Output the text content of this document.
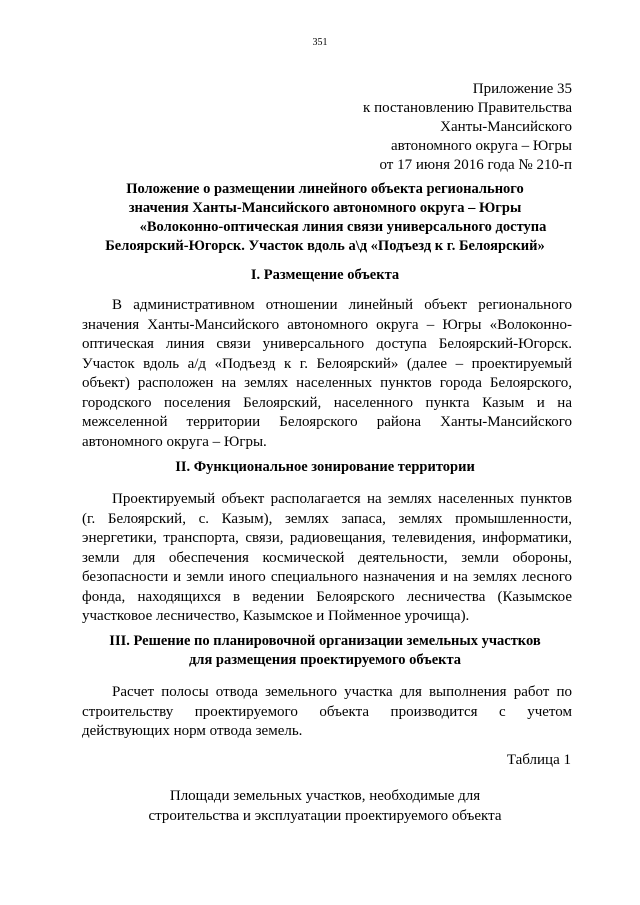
351
Приложение 35
к постановлению Правительства
Ханты-Мансийского
автономного округа – Югры
от 17 июня 2016 года № 210-п
Положение о размещении линейного объекта регионального
значения Ханты-Мансийского автономного округа – Югры
«Волоконно-оптическая линия связи универсального доступа
Белоярский-Югорск. Участок вдоль а\д «Подъезд к г. Белоярский»
I. Размещение объекта

В административном отношении линейный объект регионального значения Ханты-Мансийского автономного округа – Югры «Волоконно-оптическая линия связи универсального доступа Белоярский-Югорск. Участок вдоль а/д «Подъезд к г. Белоярский» (далее – проектируемый объект) расположен на землях населенных пунктов города Белоярского, городского поселения Белоярский, населенного пункта Казым и на межселенной территории Белоярского района Ханты-Мансийского автономного округа – Югры.

II. Функциональное зонирование территории

Проектируемый объект располагается на землях населенных пунктов (г. Белоярский, с. Казым), землях запаса, землях промышленности, энергетики, транспорта, связи, радиовещания, телевидения, информатики, земли для обеспечения космической деятельности, земли обороны, безопасности и земли иного специального назначения и на землях лесного фонда, находящихся в ведении Белоярского лесничества (Казымское участковое лесничество, Казымское и Пойменное урочища).

III. Решение по планировочной организации земельных участков
для размещения проектируемого объекта

Расчет полосы отвода земельного участка для выполнения работ по строительству проектируемого объекта производится с учетом действующих норм отвода земель.

Таблица 1
Площади земельных участков, необходимые для
строительства и эксплуатации проектируемого объекта
